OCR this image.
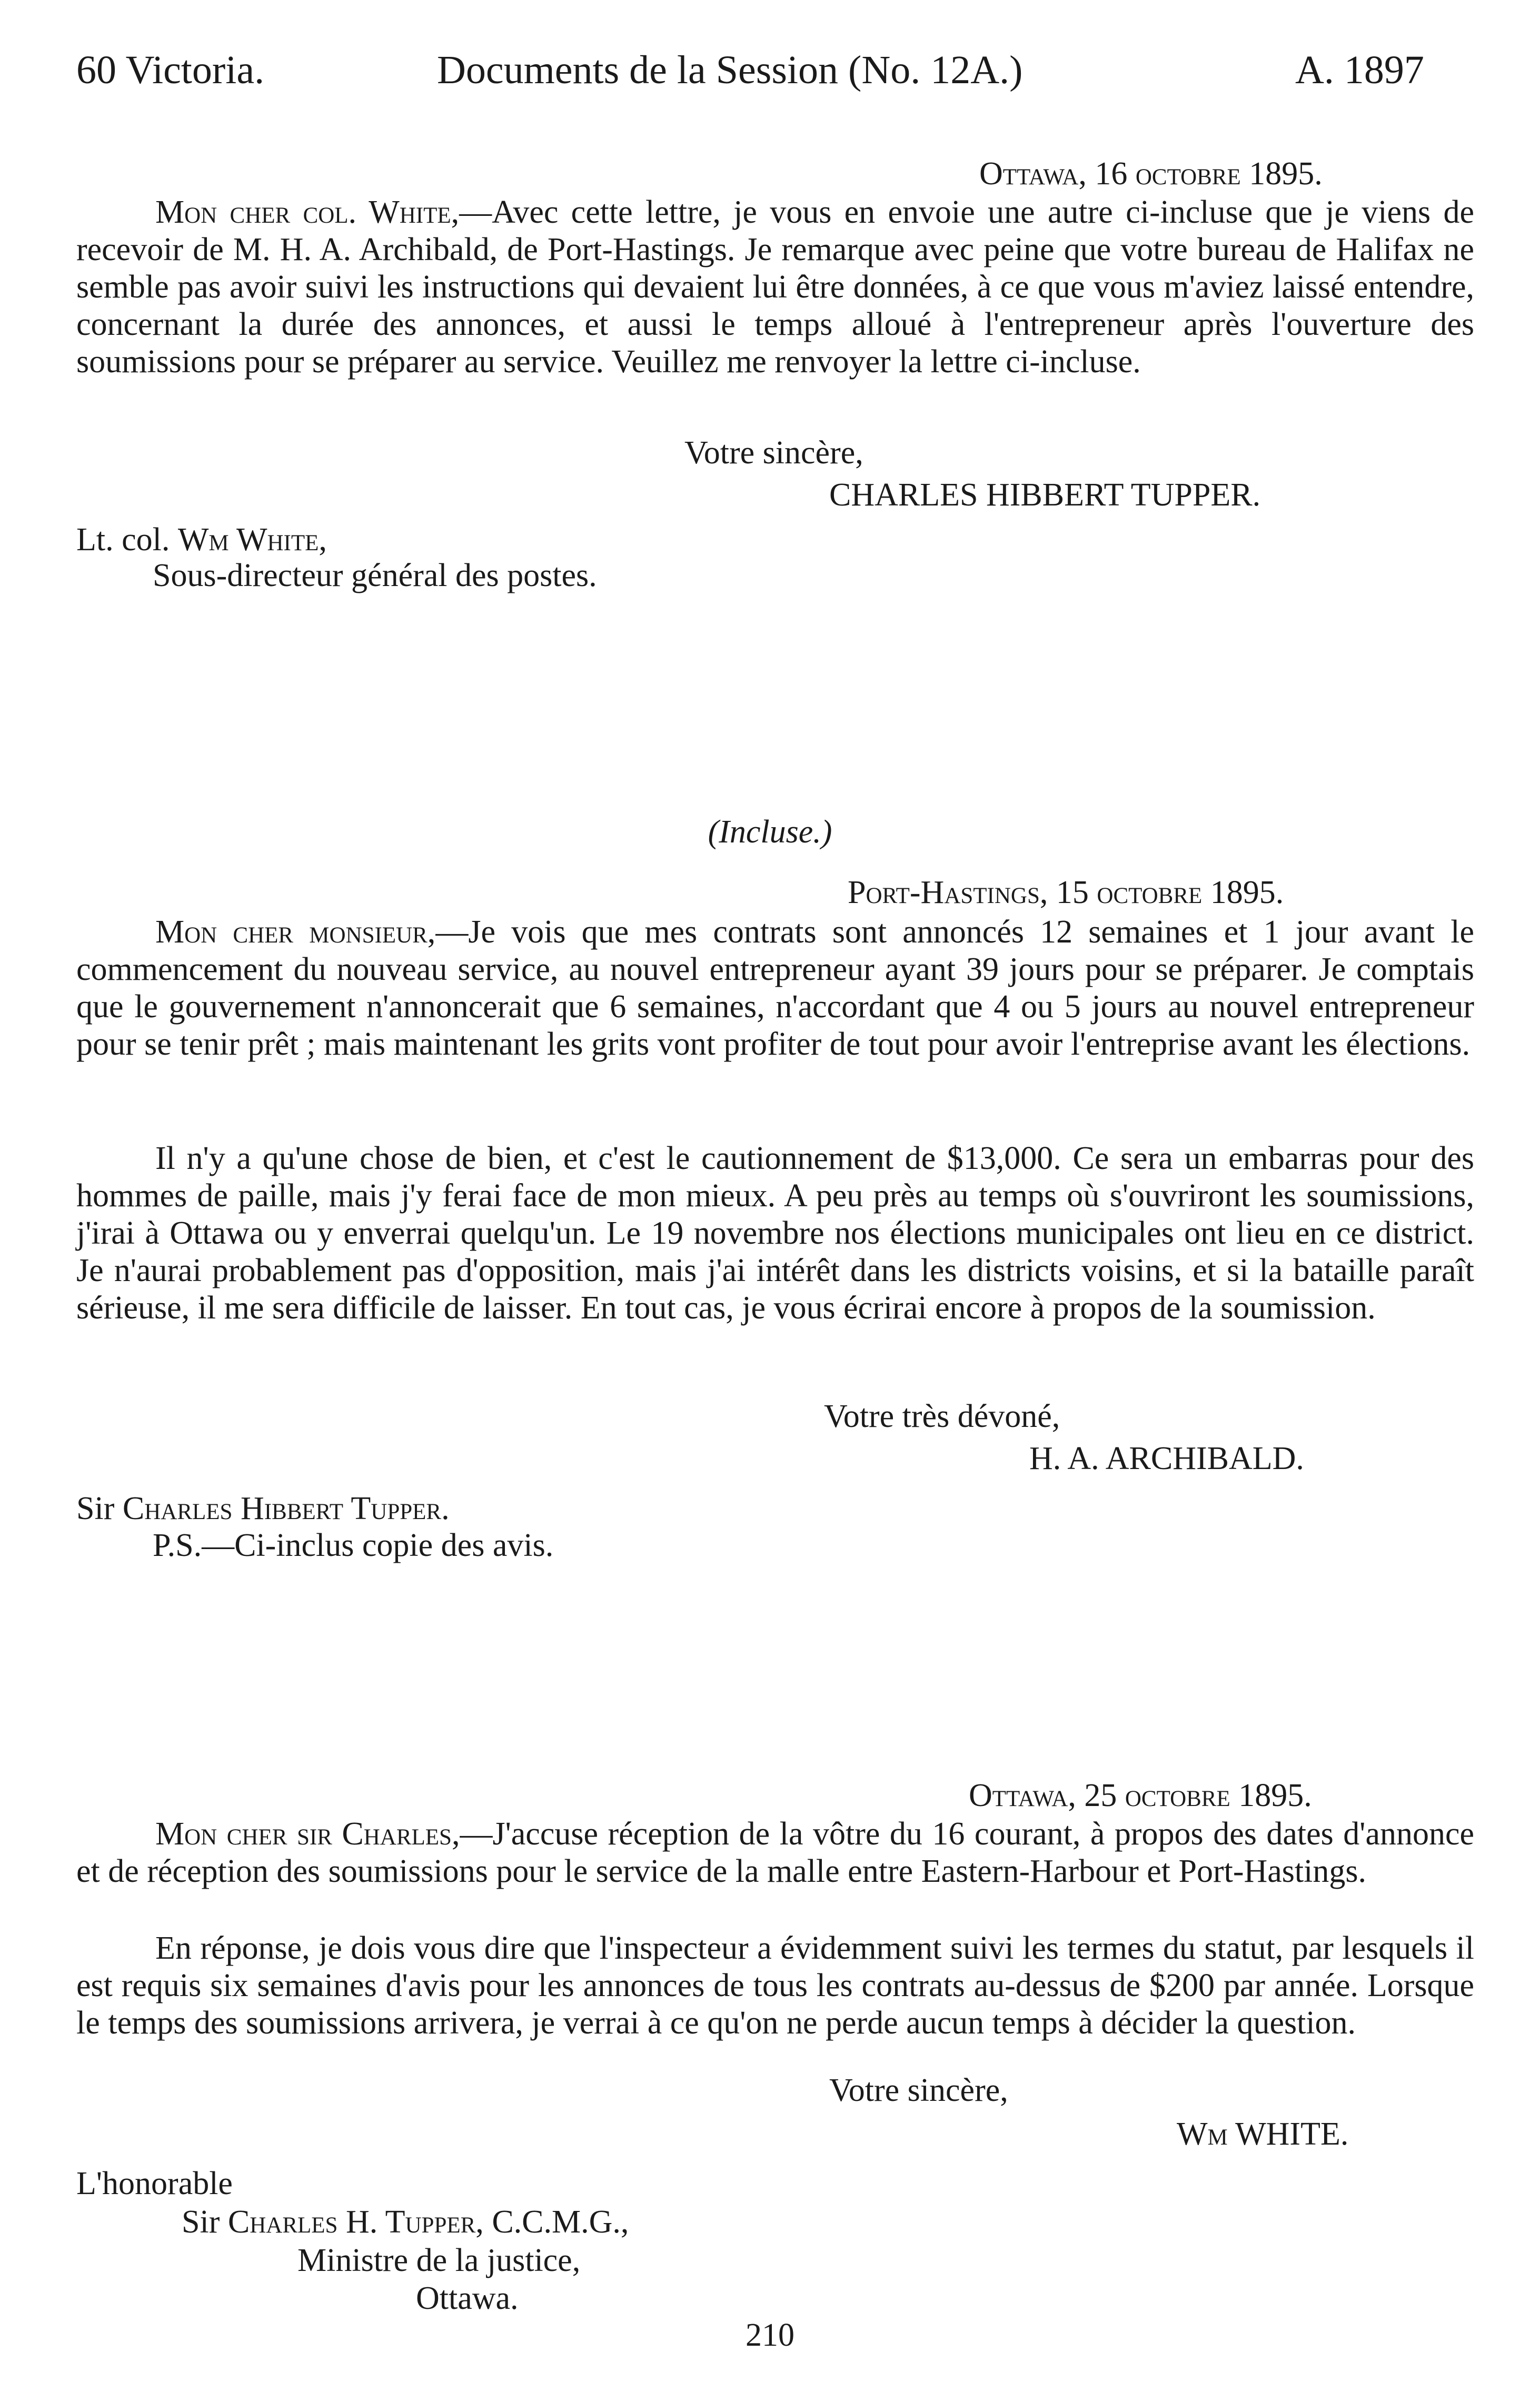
60 Victoria.	Documents de la Session (No. 12A.)	A. 1897
Ottawa, 16 octobre 1895.
Mon cher col. White,—Avec cette lettre, je vous en envoie une autre ci-incluse que je viens de recevoir de M. H. A. Archibald, de Port-Hastings. Je remarque avec peine que votre bureau de Halifax ne semble pas avoir suivi les instructions qui devaient lui être données, à ce que vous m'aviez laissé entendre, concernant la durée des annonces, et aussi le temps alloué à l'entrepreneur après l'ouverture des soumissions pour se préparer au service. Veuillez me renvoyer la lettre ci-incluse.
Votre sincère,
CHARLES HIBBERT TUPPER.
Lt. col. Wm White,
Sous-directeur général des postes.
(Incluse.)
Port-Hastings, 15 octobre 1895.
Mon cher monsieur,—Je vois que mes contrats sont annoncés 12 semaines et 1 jour avant le commencement du nouveau service, au nouvel entrepreneur ayant 39 jours pour se préparer. Je comptais que le gouvernement n'annoncerait que 6 semaines, n'accordant que 4 ou 5 jours au nouvel entrepreneur pour se tenir prêt ; mais maintenant les grits vont profiter de tout pour avoir l'entreprise avant les élections.
Il n'y a qu'une chose de bien, et c'est le cautionnement de $13,000. Ce sera un embarras pour des hommes de paille, mais j'y ferai face de mon mieux. A peu près au temps où s'ouvriront les soumissions, j'irai à Ottawa ou y enverrai quelqu'un. Le 19 novembre nos élections municipales ont lieu en ce district. Je n'aurai probablement pas d'opposition, mais j'ai intérêt dans les districts voisins, et si la bataille paraît sérieuse, il me sera difficile de laisser. En tout cas, je vous écrirai encore à propos de la soumission.
Votre très dévoné,
H. A. ARCHIBALD.
Sir Charles Hibbert Tupper.
P.S.—Ci-inclus copie des avis.
Ottawa, 25 octobre 1895.
Mon cher sir Charles,—J'accuse réception de la vôtre du 16 courant, à propos des dates d'annonce et de réception des soumissions pour le service de la malle entre Eastern-Harbour et Port-Hastings.
En réponse, je dois vous dire que l'inspecteur a évidemment suivi les termes du statut, par lesquels il est requis six semaines d'avis pour les annonces de tous les contrats au-dessus de $200 par année. Lorsque le temps des soumissions arrivera, je verrai à ce qu'on ne perde aucun temps à décider la question.
Votre sincère,
Wm WHITE.
L'honorable
Sir Charles H. Tupper, C.C.M.G.,
Ministre de la justice,
Ottawa.
210
